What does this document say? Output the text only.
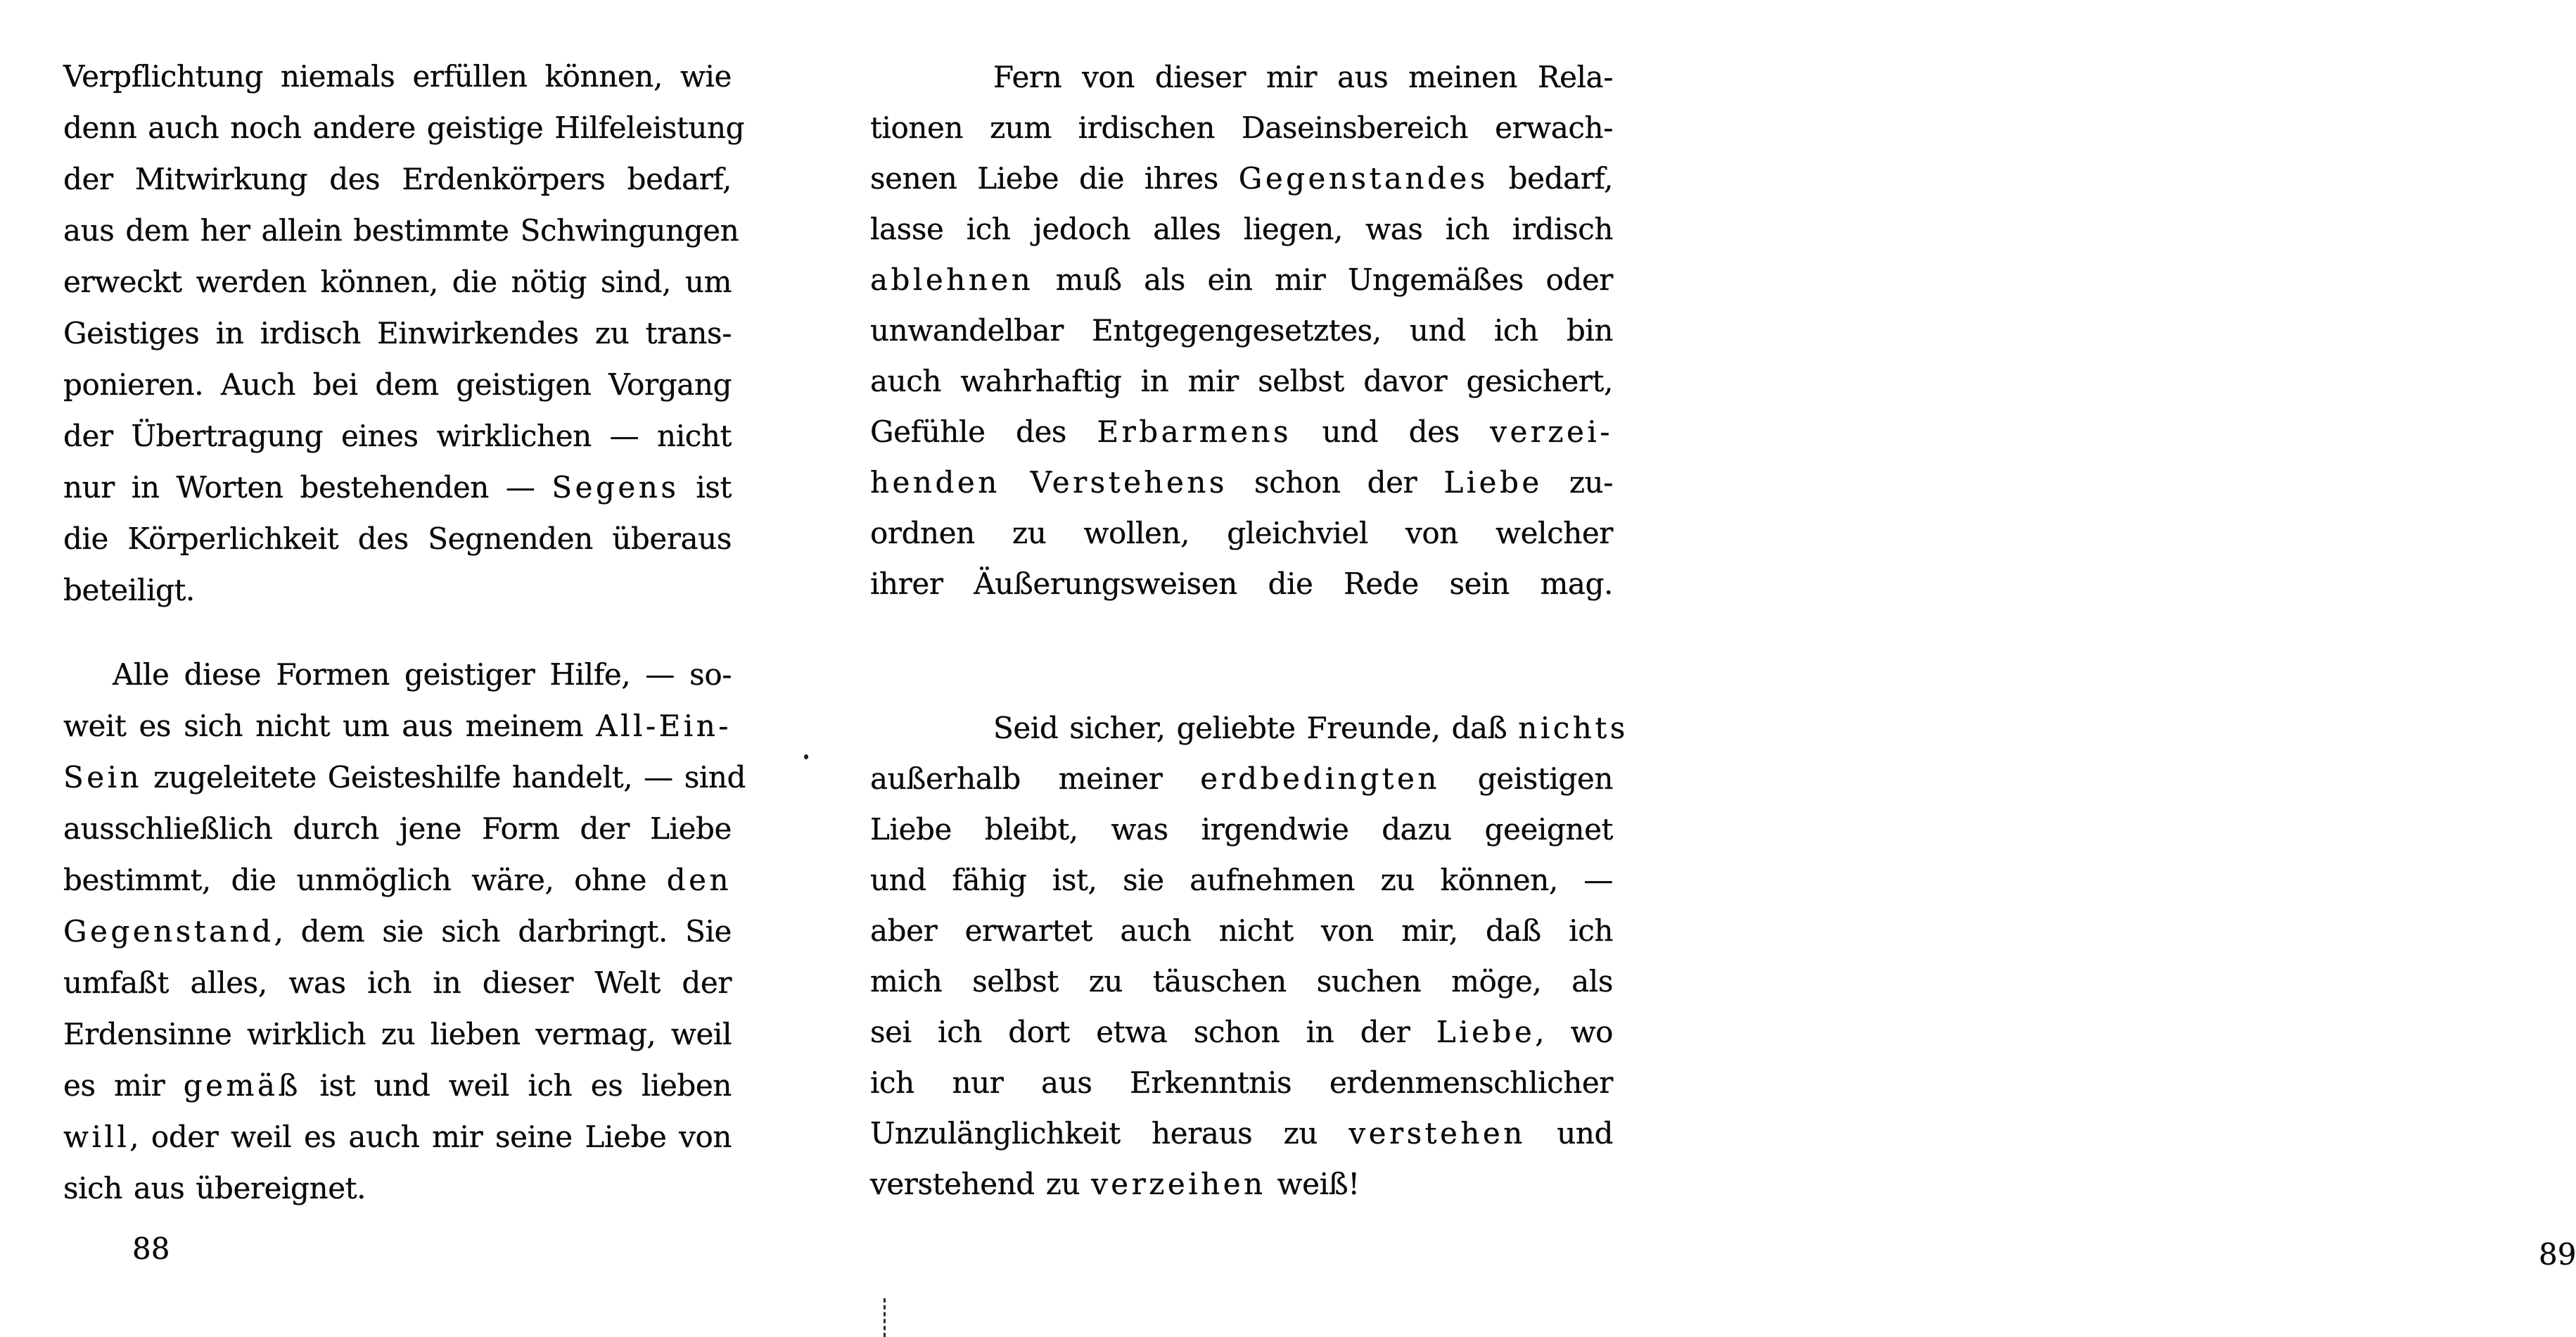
Verpflichtung niemals erfüllen können, wie
denn auch noch andere geistige Hilfeleistung
der Mitwirkung des Erdenkörpers bedarf,
aus dem her allein bestimmte Schwingungen
erweckt werden können, die nötig sind, um
Geistiges in irdisch Einwirkendes zu trans-
ponieren. Auch bei dem geistigen Vorgang
der Übertragung eines wirklichen — nicht
nur in Worten bestehenden — Segens ist
die Körperlichkeit des Segnenden überaus
beteiligt.
Alle diese Formen geistiger Hilfe, — so-
weit es sich nicht um aus meinem All-Ein-
Sein zugeleitete Geisteshilfe handelt, — sind
ausschließlich durch jene Form der Liebe
bestimmt, die unmöglich wäre, ohne den
Gegenstand, dem sie sich darbringt. Sie
umfaßt alles, was ich in dieser Welt der
Erdensinne wirklich zu lieben vermag, weil
es mir gemäß ist und weil ich es lieben
will, oder weil es auch mir seine Liebe von
sich aus übereignet.
88
Fern von dieser mir aus meinen Rela-
tionen zum irdischen Daseinsbereich erwach-
senen Liebe die ihres Gegenstandes bedarf,
lasse ich jedoch alles liegen, was ich irdisch
ablehnen muß als ein mir Ungemäßes oder
unwandelbar Entgegengesetztes, und ich bin
auch wahrhaftig in mir selbst davor gesichert,
Gefühle des Erbarmens und des verzei-
henden Verstehens schon der Liebe zu-
ordnen zu wollen, gleichviel von welcher
ihrer Äußerungsweisen die Rede sein mag.
Seid sicher, geliebte Freunde, daß nichts
außerhalb meiner erdbedingten geistigen
Liebe bleibt, was irgendwie dazu geeignet
und fähig ist, sie aufnehmen zu können, —
aber erwartet auch nicht von mir, daß ich
mich selbst zu täuschen suchen möge, als
sei ich dort etwa schon in der Liebe, wo
ich nur aus Erkenntnis erdenmenschlicher
Unzulänglichkeit heraus zu verstehen und
verstehend zu verzeihen weiß!
89
